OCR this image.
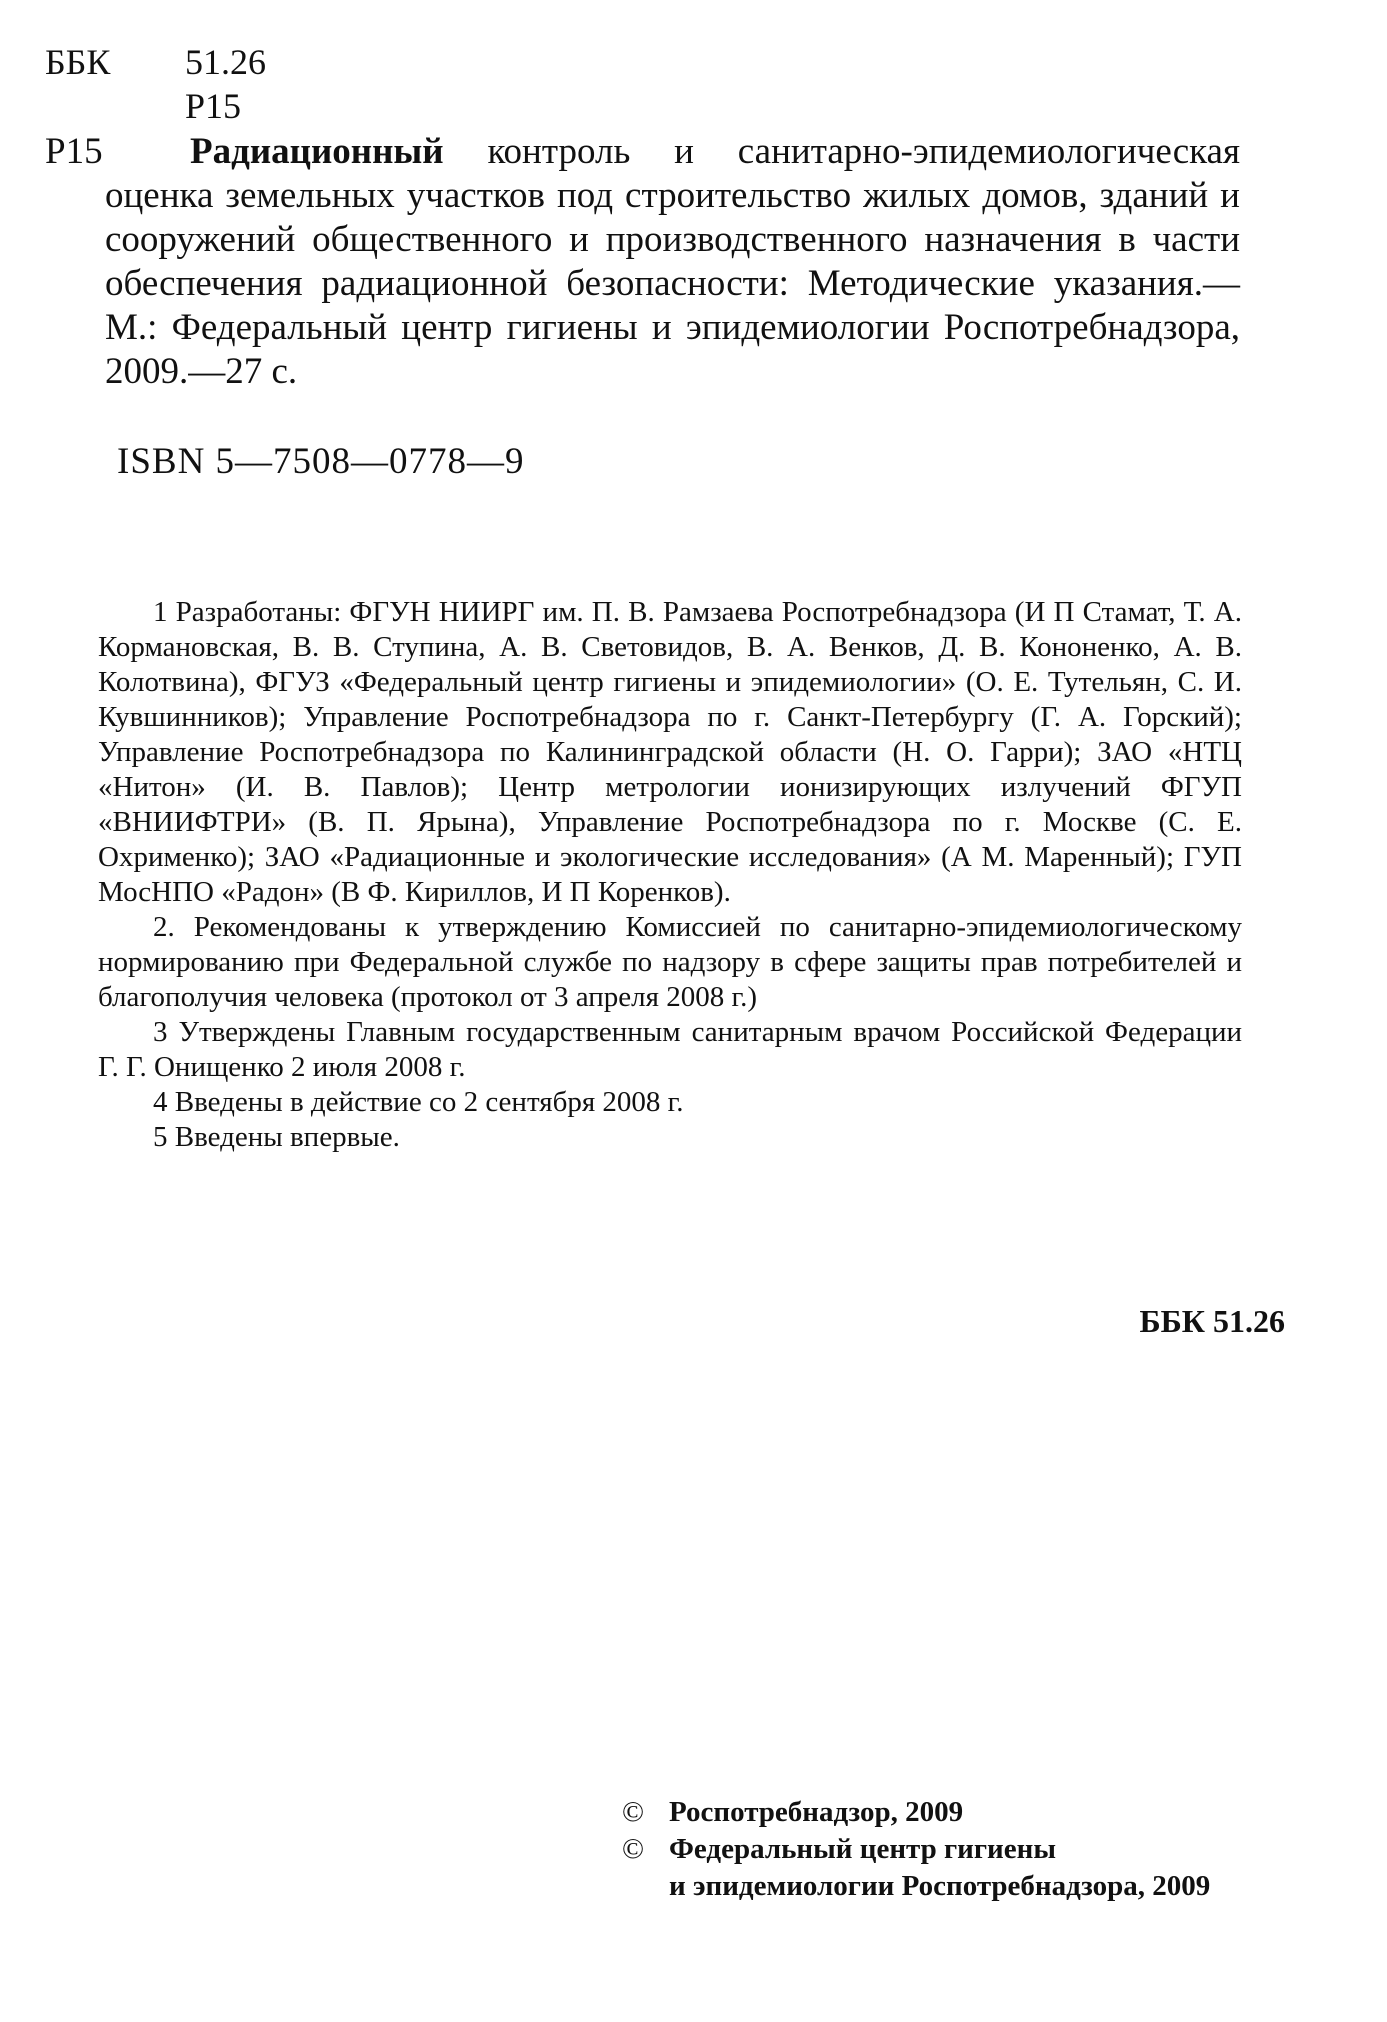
ББК	51.26
Р15
Р15	Радиационный контроль и санитарно-эпидемиологическая оценка земельных участков под строительство жилых домов, зданий и сооружений общественного и производственного назначения в части обеспечения радиационной безопасности: Методические указания.—М.: Федеральный центр гигиены и эпидемиологии Роспотребнадзора, 2009.—27 с.
ISBN 5—7508—0778—9

1 Разработаны: ФГУН НИИРГ им. П. В. Рамзаева Роспотребнадзора (И П Стамат, Т. А. Кормановская, В. В. Ступина, А. В. Световидов, В. А. Венков, Д. В. Кононенко, А. В. Колотвина), ФГУЗ «Федеральный центр гигиены и эпидемиологии» (О. Е. Тутельян, С. И. Кувшинников); Управление Роспотребнадзора по г. Санкт-Петербургу (Г. А. Горский); Управление Роспотребнадзора по Калининградской области (Н. О. Гарри); ЗАО «НТЦ «Нитон» (И. В. Павлов); Центр метрологии ионизирующих излучений ФГУП «ВНИИФТРИ» (В. П. Ярына), Управление Роспотребнадзора по г. Москве (С. Е. Охрименко); ЗАО «Радиационные и экологические исследования» (А М. Маренный); ГУП МосНПО «Радон» (В Ф. Кириллов, И П Коренков).

2. Рекомендованы к утверждению Комиссией по санитарно-эпидемиологическому нормированию при Федеральной службе по надзору в сфере защиты прав потребителей и благополучия человека (протокол от 3 апреля 2008 г.)

3 Утверждены Главным государственным санитарным врачом Российской Федерации Г. Г. Онищенко 2 июля 2008 г.

4 Введены в действие со 2 сентября 2008 г.

5 Введены впервые.

ББК 51.26
© Роспотребнадзор, 2009
© Федеральный центр гигиены
и эпидемиологии Роспотребнадзора, 2009
